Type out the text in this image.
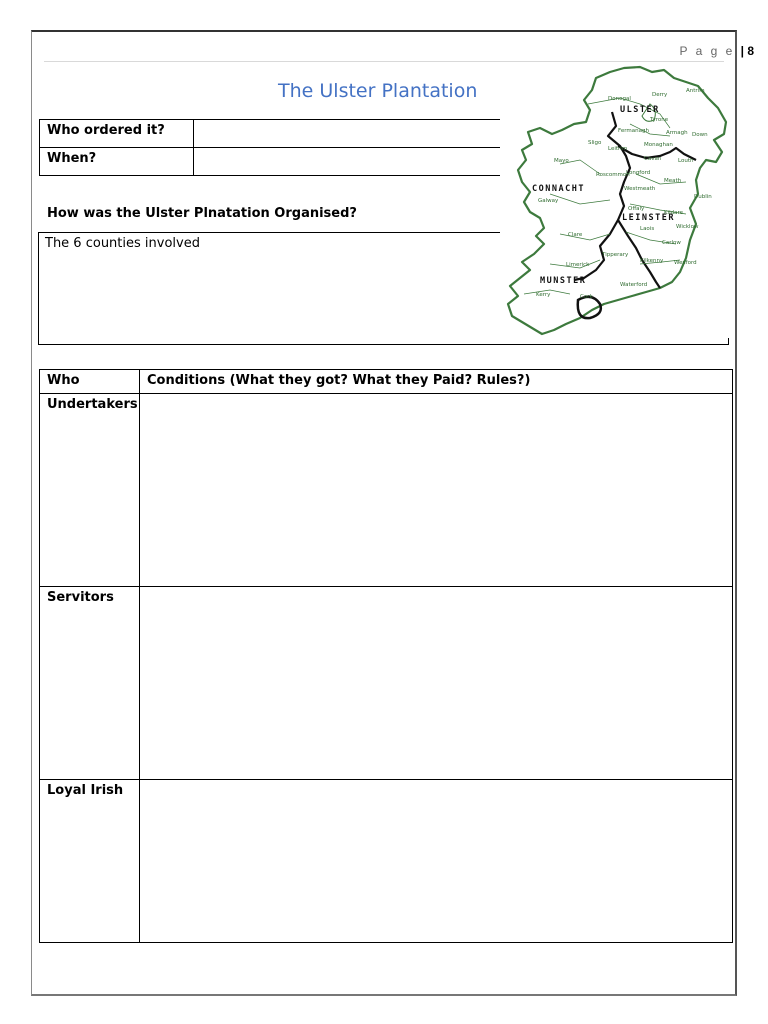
P a g e | 8
The Ulster Plantation
Who ordered it?	
When?	
How was the Ulster Plnatation Organised?
The 6 counties involved
ULSTER
CONNACHT
LEINSTER
MUNSTER
Donegal
Derry
Antrim
Tyrone
Fermanagh	Armagh Down
Sligo
Leitrim
Monaghan
Cavan	Louth
Mayo
Roscommon
Longford
Meath
Galway
Westmeath
Dublin
Offaly
Kildare
Wicklow
Clare
Laois
Carlow
Tipperary
Kilkenny Wexford
Limerick
Kerry	Cork
Waterford
Who	Conditions (What they got? What they Paid? Rules?)
Undertakers	
Servitors	
Loyal Irish	
